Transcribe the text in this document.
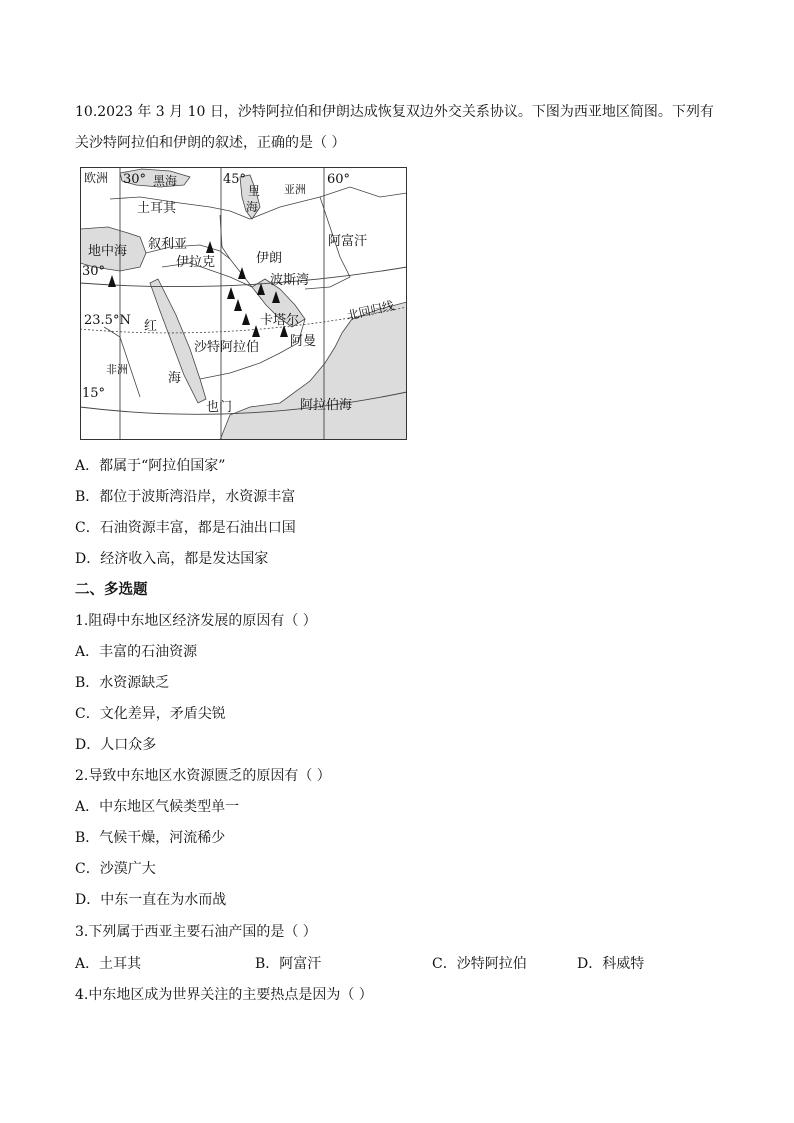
10.2023 年 3 月 10 日，沙特阿拉伯和伊朗达成恢复双边外交关系协议。下图为西亚地区简图。下列有
关沙特阿拉伯和伊朗的叙述，正确的是（ ）
欧洲 30° 黑海	45°
里
海
亚洲
60°
土耳其
叙利亚
伊拉克	伊朗
阿富汗
地中海
30°
波斯湾
23.5°N 红	卡塔尔	北回归线
沙特阿拉伯 阿曼
非洲
海
15°
也门	阿拉伯海
A．都属于“阿拉伯国家”
B．都位于波斯湾沿岸，水资源丰富
C．石油资源丰富，都是石油出口国
D．经济收入高，都是发达国家
二、多选题
1.阻碍中东地区经济发展的原因有（ ）
A．丰富的石油资源
B．水资源缺乏
C．文化差异，矛盾尖锐
D．人口众多
2.导致中东地区水资源匮乏的原因有（ ）
A．中东地区气候类型单一
B．气候干燥，河流稀少
C．沙漠广大
D．中东一直在为水而战
3.下列属于西亚主要石油产国的是（ ）
A．土耳其	B．阿富汗	C．沙特阿拉伯	D．科威特
4.中东地区成为世界关注的主要热点是因为（ ）
